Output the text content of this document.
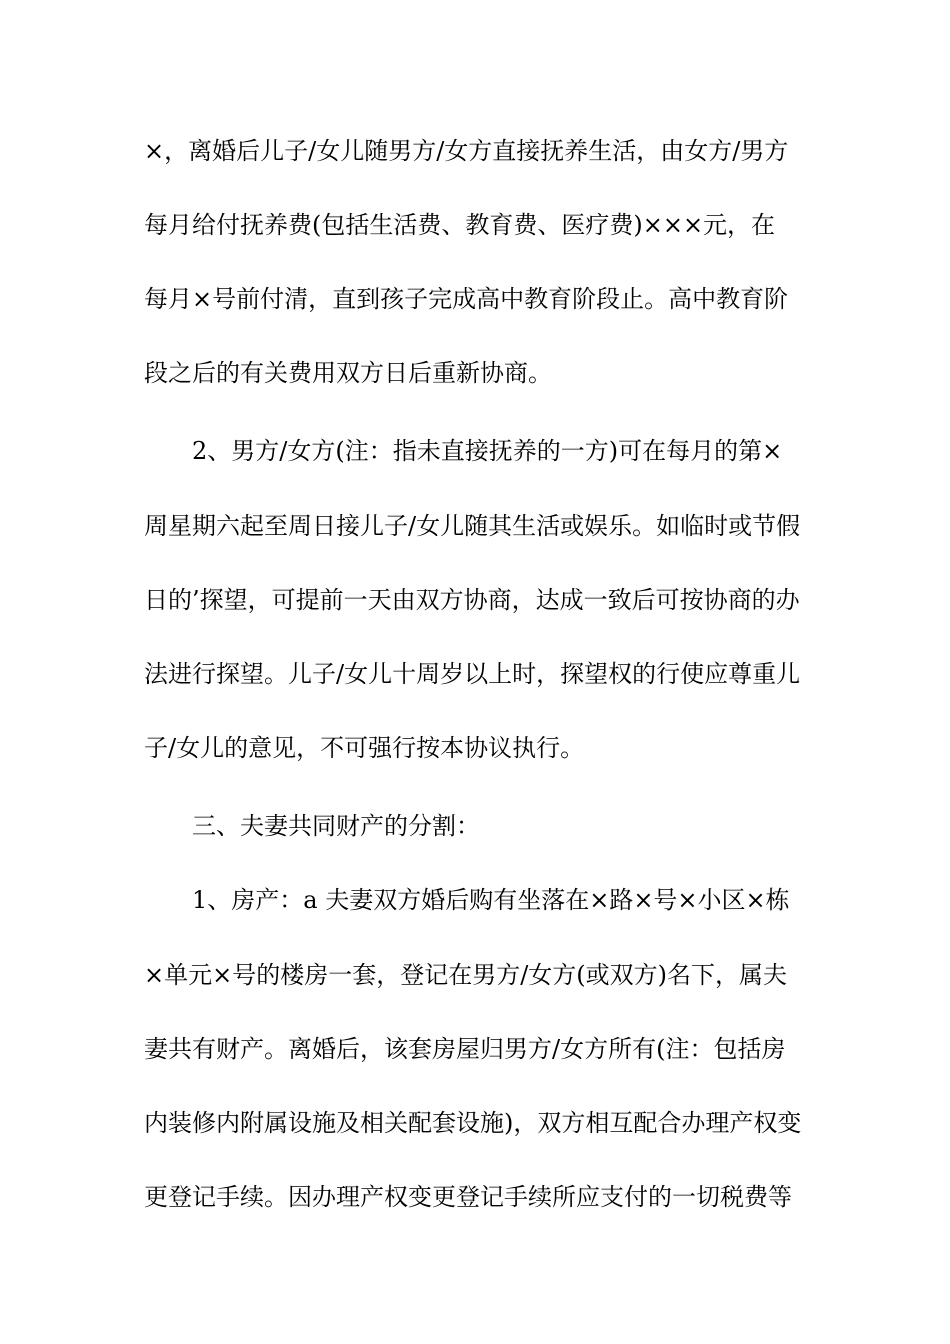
×，离婚后儿子/女儿随男方/女方直接抚养生活，由女方/男方
每月给付抚养费(包括生活费、教育费、医疗费)×××元，在
每月×号前付清，直到孩子完成高中教育阶段止。高中教育阶
段之后的有关费用双方日后重新协商。
2、男方/女方(注：指未直接抚养的一方)可在每月的第×
周星期六起至周日接儿子/女儿随其生活或娱乐。如临时或节假
日的’探望，可提前一天由双方协商，达成一致后可按协商的办
法进行探望。儿子/女儿十周岁以上时，探望权的行使应尊重儿
子/女儿的意见，不可强行按本协议执行。
三、夫妻共同财产的分割：
1、房产：a 夫妻双方婚后购有坐落在×路×号×小区×栋
×单元×号的楼房一套，登记在男方/女方(或双方)名下，属夫
妻共有财产。离婚后，该套房屋归男方/女方所有(注：包括房
内装修内附属设施及相关配套设施)，双方相互配合办理产权变
更登记手续。因办理产权变更登记手续所应支付的一切税费等
